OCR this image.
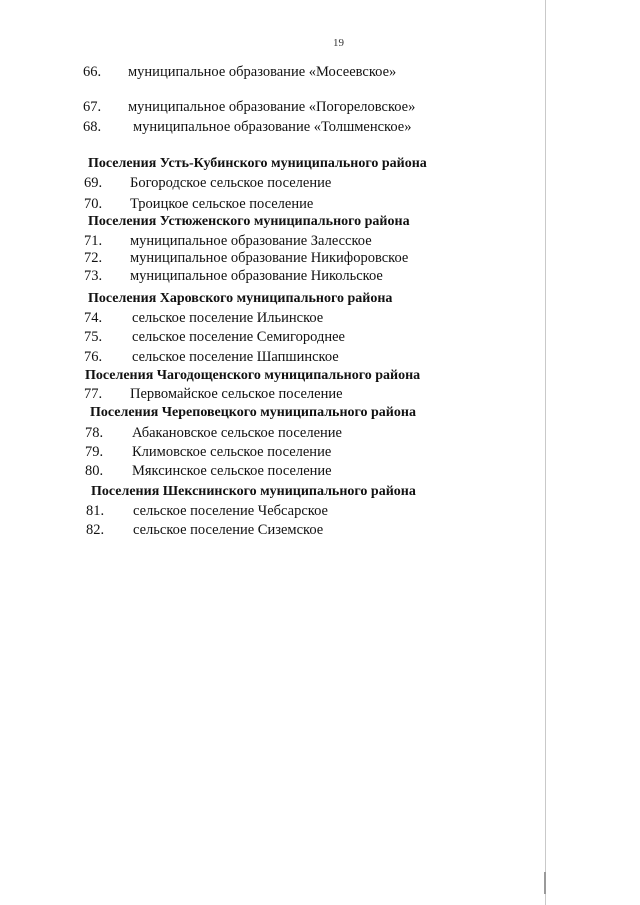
19
66. муниципальное образование «Мосеевское»
67. муниципальное образование «Погореловское»
68. муниципальное образование «Толшменское»
Поселения Усть-Кубинского муниципального района
69. Богородское сельское поселение
70. Троицкое сельское поселение
Поселения Устюженского муниципального района
71. муниципальное образование Залесское
72. муниципальное образование Никифоровское
73. муниципальное образование Никольское
Поселения Харовского муниципального района
74. сельское поселение Ильинское
75. сельское поселение Семигороднее
76. сельское поселение Шапшинское
Поселения Чагодощенского муниципального района
77. Первомайское сельское поселение
Поселения Череповецкого муниципального района
78. Абакановское сельское поселение
79. Климовское сельское поселение
80. Мяксинское сельское поселение
Поселения Шекснинского муниципального района
81. сельское поселение Чебсарское
82. сельское поселение Сиземское
